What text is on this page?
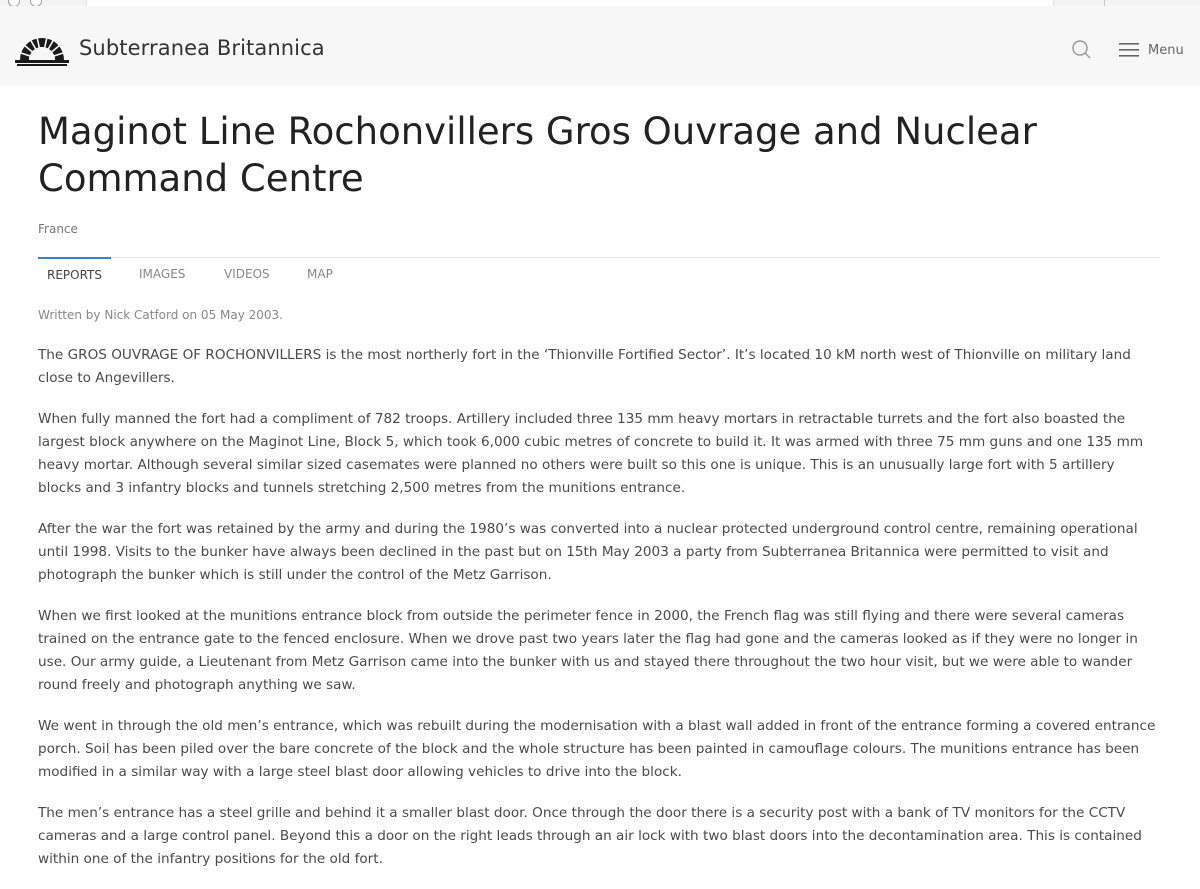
Subterranea Britannica	Menu
Maginot Line Rochonvillers Gros Ouvrage and Nuclear Command Centre
France
REPORTS	IMAGES	VIDEOS	MAP
Written by Nick Catford on 05 May 2003.

The GROS OUVRAGE OF ROCHONVILLERS is the most northerly fort in the ‘Thionville Fortified Sector’. It’s located 10 kM north west of Thionville on military land close to Angevillers.

When fully manned the fort had a compliment of 782 troops. Artillery included three 135 mm heavy mortars in retractable turrets and the fort also boasted the largest block anywhere on the Maginot Line, Block 5, which took 6,000 cubic metres of concrete to build it. It was armed with three 75 mm guns and one 135 mm heavy mortar. Although several similar sized casemates were planned no others were built so this one is unique. This is an unusually large fort with 5 artillery blocks and 3 infantry blocks and tunnels stretching 2,500 metres from the munitions entrance.

After the war the fort was retained by the army and during the 1980’s was converted into a nuclear protected underground control centre, remaining operational until 1998. Visits to the bunker have always been declined in the past but on 15th May 2003 a party from Subterranea Britannica were permitted to visit and photograph the bunker which is still under the control of the Metz Garrison.

When we first looked at the munitions entrance block from outside the perimeter fence in 2000, the French flag was still flying and there were several cameras trained on the entrance gate to the fenced enclosure. When we drove past two years later the flag had gone and the cameras looked as if they were no longer in use. Our army guide, a Lieutenant from Metz Garrison came into the bunker with us and stayed there throughout the two hour visit, but we were able to wander round freely and photograph anything we saw.

We went in through the old men’s entrance, which was rebuilt during the modernisation with a blast wall added in front of the entrance forming a covered entrance porch. Soil has been piled over the bare concrete of the block and the whole structure has been painted in camouflage colours. The munitions entrance has been modified in a similar way with a large steel blast door allowing vehicles to drive into the block.

The men’s entrance has a steel grille and behind it a smaller blast door. Once through the door there is a security post with a bank of TV monitors for the CCTV cameras and a large control panel. Beyond this a door on the right leads through an air lock with two blast doors into the decontamination area. This is contained within one of the infantry positions for the old fort.
